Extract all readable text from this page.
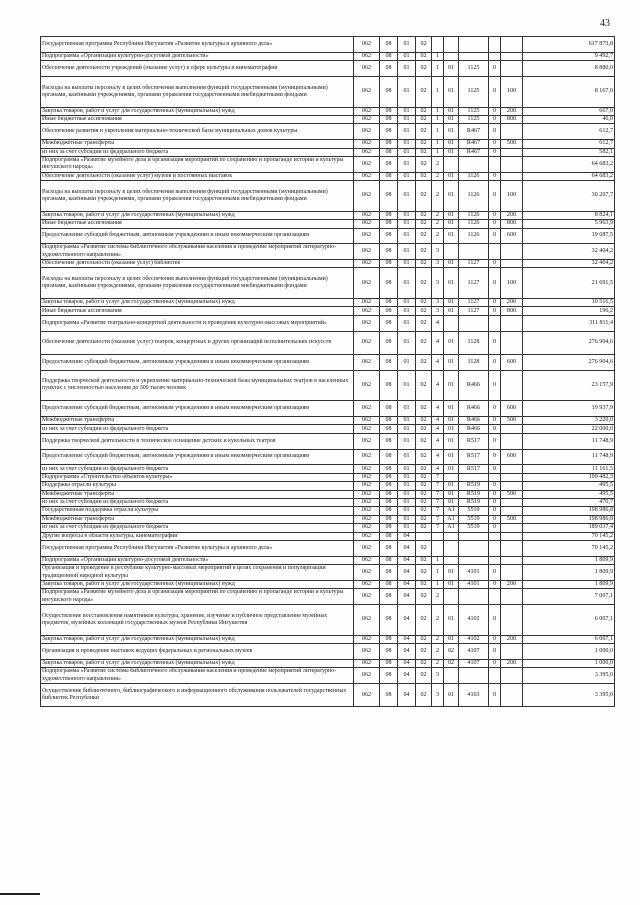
43
Государственная программа Республики Ингушетия «Развитие культуры и архивного дела»	062	08	01	02						617 873,8
Подпрограмма «Организация культурно-досуговой деятельности»	062	08	01	02	1					9 492,7
Обеспечение деятельности учреждений (оказание услуг) в сфере культуры и кинематографии	062	08	01	02	1	01	1125	0		8 880,0
Расходы на выплаты персоналу в целях обеспечения выполнения функций государственными (муниципальными) органами, казёнными учреждениями, органами управления государственными внебюджетными фондами	062	08	01	02	1	01	1125	0	100	8 167,0
Закупка товаров, работ и услуг для государственных (муниципальных) нужд	062	08	01	02	1	01	1125	0	200	667,0
Иные бюджетные ассигнования	062	08	01	02	1	01	1125	0	800	46,0
Обеспечение развития и укрепления материально-технической базы муниципальных домов культуры	062	08	01	02	1	01	R467	0		612,7
Межбюджетные трансферты	062	08	01	02	1	01	R467	0	500	612,7
из них за счет субсидии из федерального бюджета	062	08	01	02	1	01	R467	0		582,1
Подпрограмма «Развитие музейного дела и организация мероприятий по сохранению и пропаганде истории и культуры ингушского народа»	062	08	01	02	2					64 683,2
Обеспечение деятельности (оказание услуг) музеев и постоянных выставок	062	08	01	02	2	01	1126	0		64 683,2
Расходы на выплаты персоналу в целях обеспечения выполнения функций государственными (муниципальными) органами, казёнными учреждениями, органами управления государственными внебюджетными фондами	062	08	01	02	2	01	1126	0	100	30 207,7
Закупка товаров, работ и услуг для государственных (муниципальных) нужд	062	08	01	02	2	01	1126	0	200	8 824,1
Иные бюджетные ассигнования	062	08	01	02	2	01	1126	0	800	5 963,9
Предоставление субсидий бюджетным, автономным учреждениям и иным некоммерческим организациям	062	08	01	02	2	01	1126	0	600	19 687,5
Подпрограмма «Развитие системы библиотечного обслуживания населения и проведение мероприятий литературно-художественного направления»	062	08	01	02	3					32 404,2
Обеспечение деятельности (оказание услуг) библиотек	062	08	01	02	3	01	1127	0		32 404,2
Расходы на выплаты персоналу в целях обеспечения выполнения функций государственными (муниципальными) органами, казёнными учреждениями, органами управления государственными внебюджетными фондами	062	08	01	02	3	01	1127	0	100	21 691,5
Закупка товаров, работ и услуг для государственных (муниципальных) нужд	062	08	01	02	3	01	1127	0	200	10 516,5
Иные бюджетные ассигнования	062	08	01	02	3	01	1127	0	800	196,2
Подпрограмма «Развитие театрально-концертной деятельности и проведение культурно-массовых мероприятий»	062	08	01	02	4					311 811,4
Обеспечение деятельности (оказание услуг) театров, концертных и других организаций исполнительских искусств	062	08	01	02	4	01	1128	0		276 904,6
Предоставление субсидий бюджетным, автономным учреждениям и иным некоммерческим организациям	062	08	01	02	4	01	1128	0	600	276 904,6
Поддержка творческой деятельности и укрепление материально-технической базы муниципальных театров в населенных пунктах с численностью населения до 300 тысяч человек	062	08	01	02	4	01	R466	0		23 157,9
Предоставление субсидий бюджетным, автономным учреждениям и иным некоммерческим организациям	062	08	01	02	4	01	R466	0	600	19 937,9
Межбюджетные трансферты	062	08	01	02	4	01	R466	0	500	3 220,0
из них за счет субсидии из федерального бюджета	062	08	01	02	4	01	R466	0		22 000,0
Поддержка творческой деятельности и техническое оснащение детских и кукольных театров	062	08	01	02	4	01	R517	0		11 748,9
Предоставление субсидий бюджетным, автономным учреждениям и иным некоммерческим организациям	062	08	01	02	4	01	R517	0	600	11 748,9
из них за счет субсидии из федерального бюджета	062	08	01	02	4	01	R517	0		11 161,5
Подпрограмма «Строительство объектов культуры»	062	08	01	02	7					199 482,3
Поддержка отрасли культуры	062	08	01	02	7	01	R519	0		495,5
Межбюджетные трансферты	062	08	01	02	7	01	R519	0	500	495,5
из них за счет субсидии из федерального бюджета	062	08	01	02	7	01	R519	0		470,7
Государственная поддержка отрасли культуры	062	08	01	02	7	A1	5519	0		198 986,8
Межбюджетные трансферты	062	08	01	02	7	A1	5519	0	500	198 986,8
из них за счет субсидии из федерального бюджета	062	08	01	02	7	A1	5519	0		189 037,4
Другие вопросы в области культуры, кинематографии	062	08	04							70 145,2
Государственная программа Республики Ингушетия «Развитие культуры и архивного дела»	062	08	04	02						70 145,2
Подпрограмма «Организация культурно-досуговой деятельности»	062	08	04	02	1					1 809,9
Организация и проведение в республике культурно-массовых мероприятий в целях сохранения и популяризации традиционной народной культуры	062	08	04	02	1	01	4101	0		1 809,9
Закупка товаров, работ и услуг для государственных (муниципальных) нужд	062	08	04	02	1	01	4101	0	200	1 809,9
Подпрограмма «Развитие музейного дела и организация мероприятий по сохранению и пропаганде истории и культуры ингушского народа»	062	08	04	02	2					7 007,1
Осуществление восстановления памятников культуры, хранение, изучение и публичное представление музейных предметов, музейных коллекций государственных музеев Республики Ингушетия	062	08	04	02	2	01	4102	0		6 007,1
Закупка товаров, работ и услуг для государственных (муниципальных) нужд	062	08	04	02	2	01	4102	0	200	6 007,1
Организация и проведение выставок ведущих федеральных и региональных музеев	062	08	04	02	2	02	4107	0		1 000,0
Закупка товаров, работ и услуг для государственных (муниципальных) нужд	062	08	04	02	2	02	4107	0	200	1 000,0
Подпрограмма «Развитие системы библиотечного обслуживания населения и проведение мероприятий литературно-художественного направления»	062	08	04	02	3					3 395,0
Осуществление библиотечного, библиографического и информационного обслуживания пользователей государственных библиотек Республики	062	08	04	02	3	01	4103	0		3 395,0
